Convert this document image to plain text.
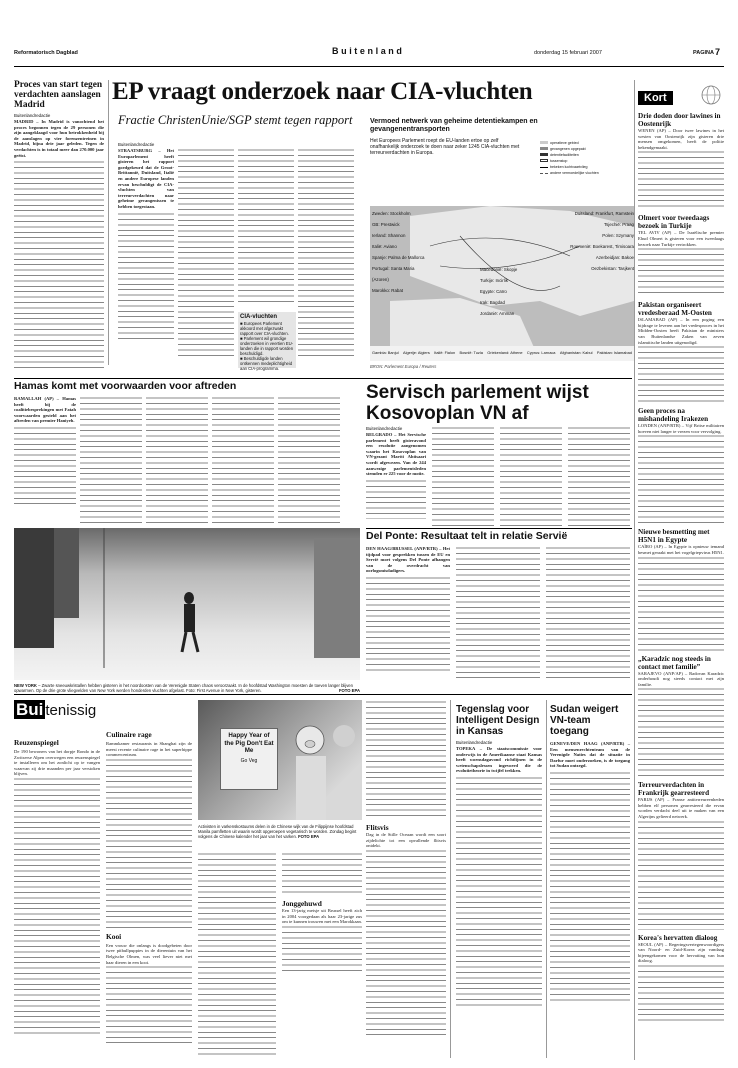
Reformatorisch Dagblad	Buitenland	donderdag 15 februari 2007	PAGINA 7
Proces van start tegen verdachten aanslagen Madrid
Buitenlandredactie
MADRID – In Madrid is vanochtend het proces begonnen tegen de 29 personen die zijn aangeklaagd voor hun betrokkenheid bij de aanslagen op vier forenzentreinen in Madrid, bijna drie jaar geleden. Tegen de verdachten is in totaal meer dan 270.000 jaar geëist.
EP vraagt onderzoek naar CIA-vluchten
Fractie ChristenUnie/SGP stemt tegen rapport
Buitenlandredactie
STRAATSBURG – Het Europarlement heeft gisteren het rapport goedgekeurd dat de Groot-Brittannië, Duitsland, Italië en andere Europese landen ervan beschuldigt de CIA-vluchten van terreurverdachten naar geheime gevangenissen te hebben toegestaan.
CIA-vluchten
■ Europees Parlement akkoord met afgezwakt rapport over CIA-vluchten.
■ Parlement wil grondige onderzoeken in veertien EU-landen die in rapport worden beschuldigd.
■ Beschuldigde landen ontkennen medeplichtigheid aan CIA-programma.
Vermoed netwerk van geheime detentiekampen en gevangenentransporten
Het Europees Parlement roept de EU-landen ertoe op zelf onafhankelijk onderzoek te doen naar zeker 1245 CIA-vluchten met terreurverdachten in Europa.
operatieve gebied
gevangenen opgepakt
detentiefaciliteiten
tussenstop
bekeken luchtvaartvlieg
andere vermoedelijke vluchten
Zweden: Stockholm
GB: Prestwick
Ierland: Shannon
Italië: Aviano
Spanje: Palma de Mallorca
Portugal: Santa Maria (Azoren)
Marokko: Rabat
Duitsland: Frankfurt, Ramstein
Tsjechië: Praag
Polen: Szymany
Roemenië: Boekarest, Timisoara
Azerbeidjan: Bakoe
Oezbekistan: Tasjkent
Macedonië: Skopje
Turkije: Incirlik
Egypte: Caïro
Irak: Bagdad
Jordanië: Amman
Gambia: Banjul Algerije: Algiers Italië: Fialon Bosnië: Tuzla Griekenland: Athene Cyprus: Larnaca Afghanistan: Kabul Pakistan: Islamabad
BRON: Parlement Europa / Reuters
Kort
Drie doden door lawines in Oostenrijk
WENEN (AP) – Door twee lawines in het westen van Oostenrijk zijn gisteren drie mensen omgekomen, heeft de politie bekendgemaakt.
Olmert voor tweedaags bezoek in Turkije
TEL AVIV (AP) – De Israëlische premier Ehud Olmert is gisteren voor een tweedaags bezoek naar Turkije vertrokken.
Pakistan organiseert vredesberaad M-Oosten
ISLAMABAD (AP) – In een poging een bijdrage te leveren aan het vredesproces in het Midden-Oosten heeft Pakistan de ministers van Buitenlandse Zaken van zeven islamitische landen uitgenodigd.
Geen proces na mishandeling Irakezen
LONDEN (ANP/RTR) – Vijf Britse militairen hoeven niet langer te vrezen voor vervolging.
Nieuwe besmetting met H5N1 in Egypte
CAÏRO (AP) – In Egypte is opnieuw iemand besmet geraakt met het vogelgriepvirus H5N1.
„Karadzic nog steeds in contact met familie”
SARAJEVO (ANP/AP) – Radovan Karadzic onderhoudt nog steeds contact met zijn familie.
Terreurverdachten in Frankrijk gearresteerd
PARIJS (AP) – Franse antiterreureenheden hebben elf personen gearresteerd die ervan worden verdacht deel uit te maken van een Algerijns gelieerd netwerk.
Korea's hervatten dialoog
SEOUL (AP) – Regeringsvertegenwoordigers van Noord- en Zuid-Korea zijn vandaag bijeengekomen voor de hervatting van hun dialoog.
Hamas komt met voorwaarden voor aftreden
RAMALLAH (AP) – Hamas heeft bij de coalitiebesprekingen met Fatah voorwaarden gesteld aan het aftreden van premier Haniyeh.
NEW YORK – Zwarte sneeuwkristallen hebben gisteren in het noordoosten van de Verenigde Staten chaos veroorzaakt. In de hoofdstad Washington moesten de toeven langer blijven opwarmen. Op de drie grote vliegvelden van New York werden honderden vluchten afgelast. Foto: First Avenue in New York, gisteren.	FOTO EPA
Servisch parlement wijst Kosovoplan VN af
Buitenlandredactie
BELGRADO – Het Servische parlement heeft gisteravond een resolutie aangenomen waarin het Kosovoplan van VN-gezant Martti Ahtisaari wordt afgewezen. Van de 244 aanwezige parlementsleden stemden er 225 voor de motie.
Del Ponte: Resultaat telt in relatie Servië
DEN HAAG/BRUSSEL (ANP/RTR) – Het tijdpad voor gesprekken tussen de EU en Servië moet volgens Del Ponte afhangen van de overdracht van oorlogsmisdadigers.
Bui tenissig
Reuzenspiegel
De 190 bewoners van het dorpje Rondo in de Zwitserse Alpen overwegen een reuzenspiegel te installeren om het zonlicht op te vangen waarvan zij drie maanden per jaar verstoken blijven.
Culinaire rage
Rammkamer restaurants in Shanghai zijn de meest recente culinaire rage in het superhippe commercentrum.
Kooi
Een vrouw die onlangs is doodgebeten door twee pitbullpuppies in de dierentuin van het Belgische Olmen, was veel liever niet met haar dieren in een kooi.
Happy Year of the Pig Don't Eat Me
Go Veg
Activisten in varkenskostuums delen in de Chinese wijk van de Filippijnse hoofdstad Manila pamfletten uit waarin wordt opgeroepen vegetarisch te worden. Zondag begint volgens de Chinese kalender het jaar van het varken. FOTO EPA
Jonggehuwd
Een 13-jarig meisje uit Brussel heeft zich in 2004 voorgedaan als haar 23-jarige zus om te kunnen trouwen met een Marokkaan.
Flitsvis
Dag in de Stille Oceaan wordt een soort zijdelichte tot een opvallende flitsvis ontdekt.
Tegenslag voor Intelligent Design in Kansas
Buitenlandredactie
TOPEKA – De staatscommissie voor onderwijs in de Amerikaanse staat Kansas heeft woensdagavond richtlijnen in de wetenschapslessen ingevoerd die de evolutietheorie in twijfel trekken.
Sudan weigert VN-team toegang
GENEVE/DEN HAAG (ANP/RTR) – Een mensenrechtenteam van de Verenigde Naties dat de situatie in Darfur moet onderzoeken, is de toegang tot Sudan ontzegd.
